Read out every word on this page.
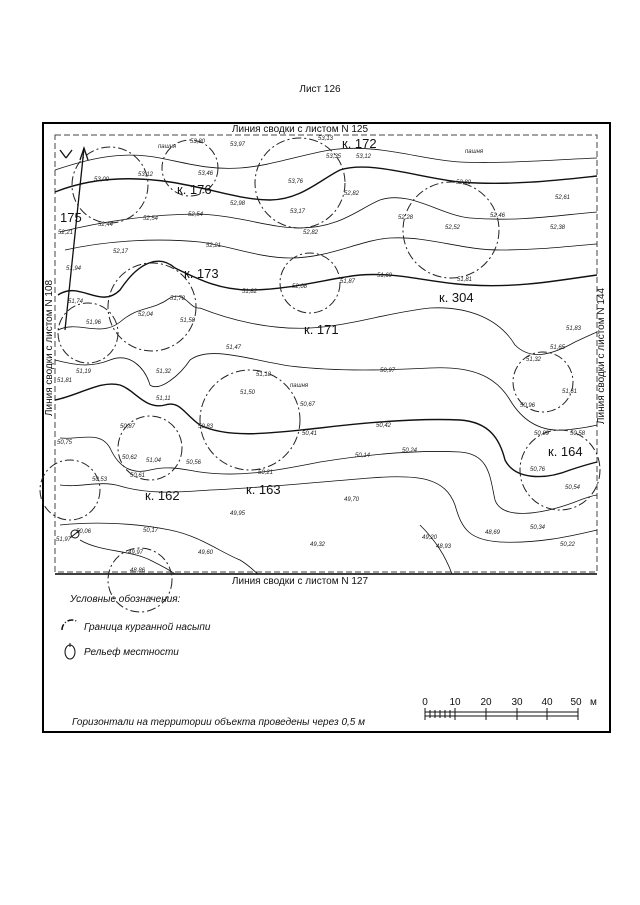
Лист 126
Линия сводки с листом N 125
Линия сводки с листом N 127
Линия сводки с листом N 108	Линия сводки с листом N 144
пашня
пашня
пашня
к. 176
к. 172
к. 173
к. 304
к. 171
к. 162	к. 163
к. 164
175
53,80	53,97
53,13
53,00
53,12	53,46
53,35 53,12
53,76	52,80
52,82
52,61
52,98
53,17
52,54
52,54
52,44
52,28
52,52
52,46
52,38
52,82
52,21
52,21
51,87
52,08
51,69
51,81
52,17
51,94
51,78
51,82
51,74
52,04
51,58
51,96
51,47
51,83
51,65
51,32
51,19	51,32	51,18
51,50
50,97
51,11
51,61
50,67
51,81
50,87	50,83
50,41
50,42
50,96
50,89	50,58
50,75
50,62
50,56
50,14
50,24
50,53
51,04
50,21	50,76
50,61
50,54
49,95
49,70
50,06	50,17	50,34
49,20
48,69
49,97	49,60
49,32	48,93	50,22
48,86
51,97
Условные обозначения:
Граница курганной насыпи
Рельеф местности
Горизонтали на территории объекта проведены через 0,5 м
0 10 20 30 40 50 м
